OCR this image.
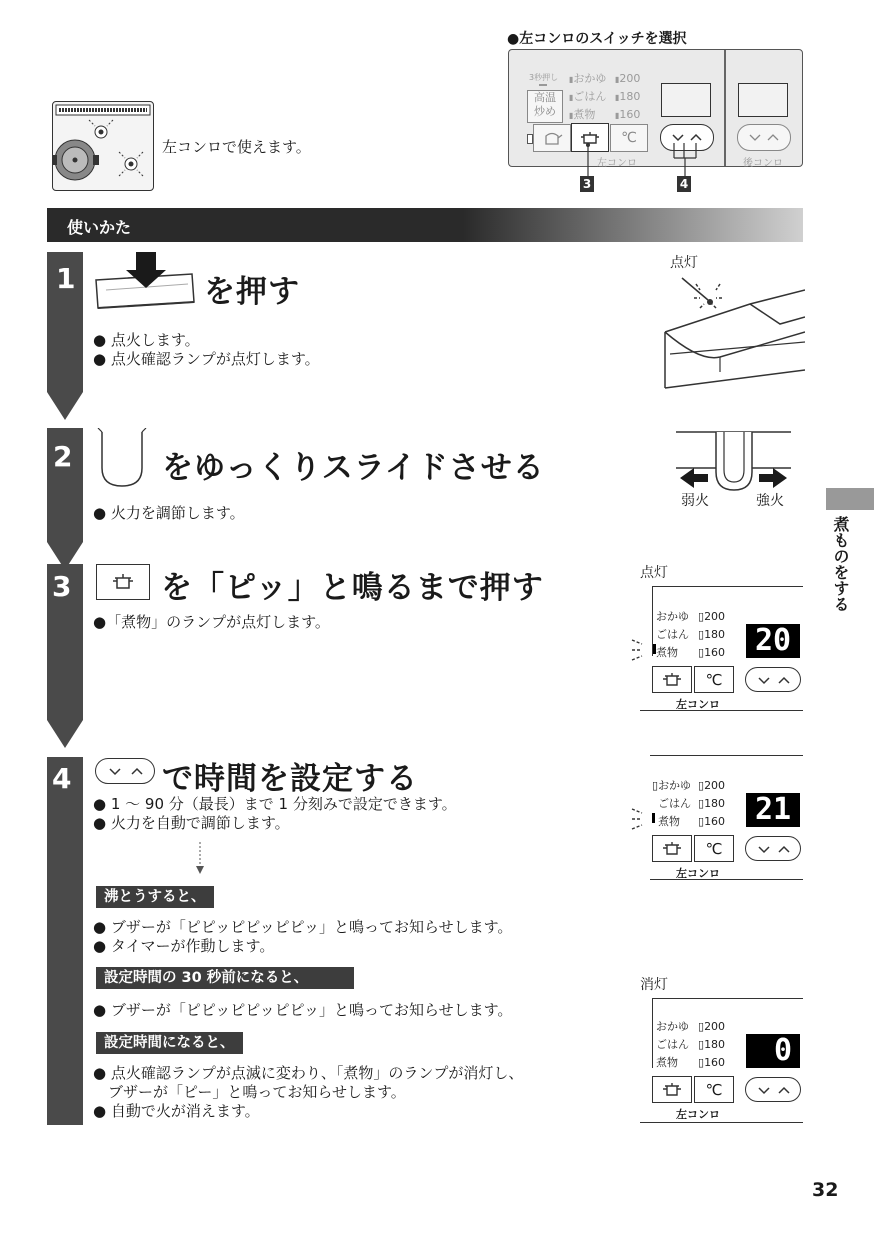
左コンロで使えます。
●左コンロのスイッチを選択
3秒押し
高温
炒め
▮おかゆ
▮ごはん
▮煮物
▮200
▮180
▮160
℃
左コンロ	後コンロ
3	4
使いかた
1
2
3
4
を押す
● 点火します。
● 点火確認ランプが点灯します。
点灯
をゆっくりスライドさせる
● 火力を調節します。
弱火	強火
を「ピッ」と鳴るまで押す
●「煮物」のランプが点灯します。
点灯
おかゆ
ごはん
煮物
▯200
▯180
▯160 20
℃
左コンロ
で時間を設定する
● 1 ～ 90 分（最長）まで 1 分刻みで設定できます。
● 火力を自動で調節します。
沸とうすると、
● ブザーが「ピピッピピッピピッ」と鳴ってお知らせします。
● タイマーが作動します。
設定時間の 30 秒前になると、
● ブザーが「ピピッピピッピピッ」と鳴ってお知らせします。
設定時間になると、
● 点火確認ランプが点滅に変わり、「煮物」のランプが消灯し、
　ブザーが「ピー」と鳴ってお知らせします。
● 自動で火が消えます。
▯おかゆ
ごはん
煮物
▯200
▯180
▯160 21
℃
左コンロ
消灯
おかゆ
ごはん
煮物
▯200
▯180
▯160	0
℃
左コンロ
煮ものをする
32
